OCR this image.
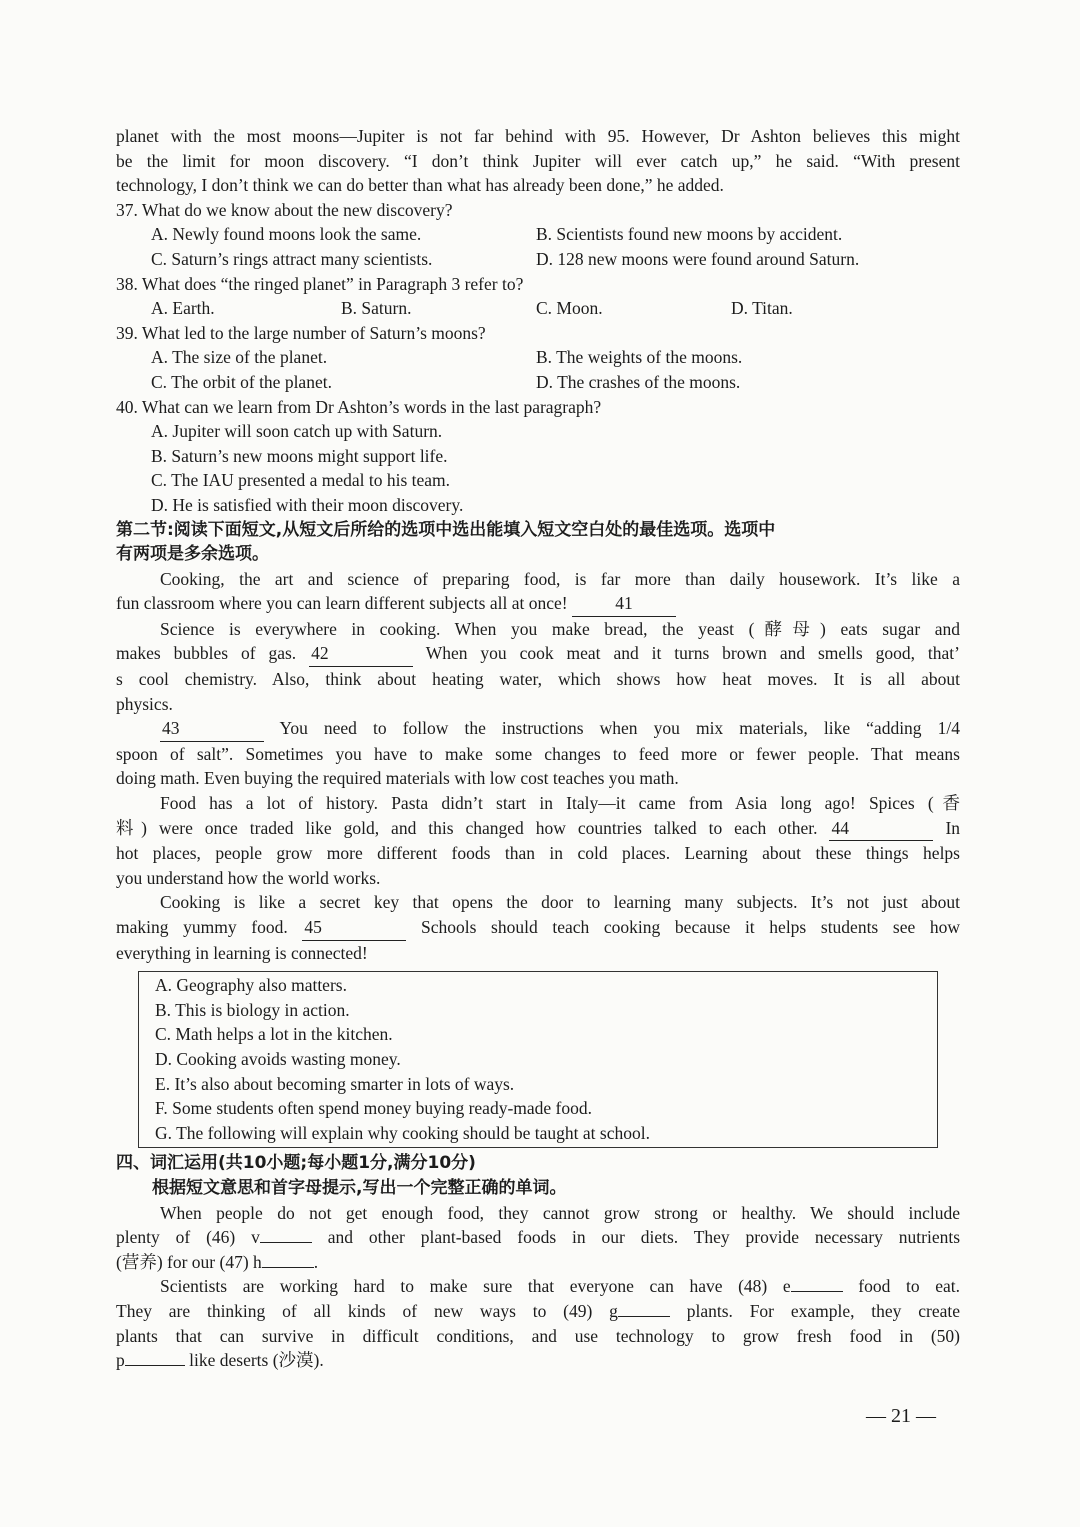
planet with the most moons—Jupiter is not far behind with 95. However, Dr Ashton believes this might
be the limit for moon discovery. “I don’t think Jupiter will ever catch up,” he said. “With present
technology, I don’t think we can do better than what has already been done,” he added.
37. What do we know about the new discovery?
A. Newly found moons look the same.	B. Scientists found new moons by accident.
C. Saturn’s rings attract many scientists.	D. 128 new moons were found around Saturn.
38. What does “the ringed planet” in Paragraph 3 refer to?
A. Earth.	B. Saturn.	C. Moon.	D. Titan.
39. What led to the large number of Saturn’s moons?
A. The size of the planet.	B. The weights of the moons.
C. The orbit of the planet.	D. The crashes of the moons.
40. What can we learn from Dr Ashton’s words in the last paragraph?
A. Jupiter will soon catch up with Saturn.
B. Saturn’s new moons might support life.
C. The IAU presented a medal to his team.
D. He is satisfied with their moon discovery.
第二节:阅读下面短文,从短文后所给的选项中选出能填入短文空白处的最佳选项。选项中
有两项是多余选项。
Cooking, the art and science of preparing food, is far more than daily housework. It’s like a
fun classroom where you can learn different subjects all at once!	41
Science is everywhere in cooking. When you make bread, the yeast (酵母) eats sugar and
makes bubbles of gas. 42	When you cook meat and it turns brown and smells good, that’
s cool chemistry. Also, think about heating water, which shows how heat moves. It is all about
physics.
43	You need to follow the instructions when you mix materials, like “adding 1/4
spoon of salt”. Sometimes you have to make some changes to feed more or fewer people. That means
doing math. Even buying the required materials with low cost teaches you math.
Food has a lot of history. Pasta didn’t start in Italy—it came from Asia long ago! Spices (香
料) were once traded like gold, and this changed how countries talked to each other. 44	In
hot places, people grow more different foods than in cold places. Learning about these things helps
you understand how the world works.
Cooking is like a secret key that opens the door to learning many subjects. It’s not just about
making yummy food. 45	Schools should teach cooking because it helps students see how
everything in learning is connected!
A. Geography also matters.
B. This is biology in action.
C. Math helps a lot in the kitchen.
D. Cooking avoids wasting money.
E. It’s also about becoming smarter in lots of ways.
F. Some students often spend money buying ready-made food.
G. The following will explain why cooking should be taught at school.
四、词汇运用(共10小题;每小题1分,满分10分)
根据短文意思和首字母提示,写出一个完整正确的单词。
When people do not get enough food, they cannot grow strong or healthy. We should include
plenty of (46) v	and other plant-based foods in our diets. They provide necessary nutrients
(营养) for our (47) h	.
Scientists are working hard to make sure that everyone can have (48) e	food to eat.
They are thinking of all kinds of new ways to (49) g	plants. For example, they create
plants that can survive in difficult conditions, and use technology to grow fresh food in (50)
p	like deserts (沙漠).
— 21 —
